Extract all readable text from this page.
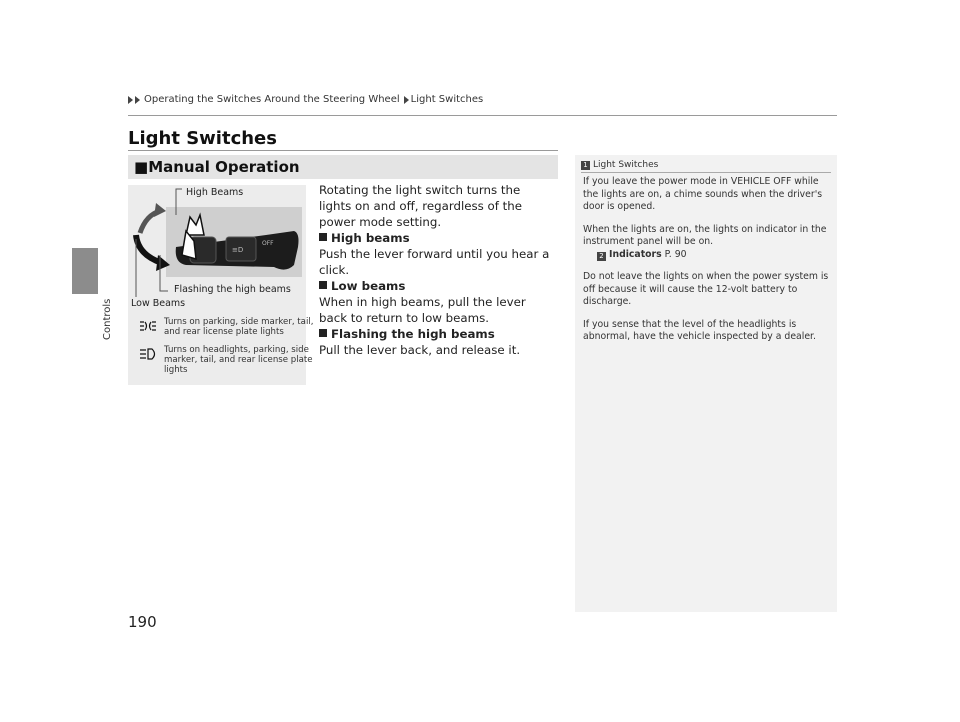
Controls
Operating the Switches Around the Steering Wheel Light Switches
Light Switches
■Manual Operation
High Beams
≡D
OFF
Flashing the high beams
Low Beams
Turns on parking, side marker, tail, and rear license plate lights
Turns on headlights, parking, side marker, tail, and rear license plate lights

Rotating the light switch turns the lights on and off, regardless of the power mode setting.

High beams

Push the lever forward until you hear a click.

Low beams

When in high beams, pull the lever back to return to low beams.

Flashing the high beams

Pull the lever back, and release it.

1 Light Switches

If you leave the power mode in VEHICLE OFF while the lights are on, a chime sounds when the driver's door is opened.

When the lights are on, the lights on indicator in the instrument panel will be on.
2 Indicators P. 90

Do not leave the lights on when the power system is off because it will cause the 12-volt battery to discharge.

If you sense that the level of the headlights is abnormal, have the vehicle inspected by a dealer.

190
